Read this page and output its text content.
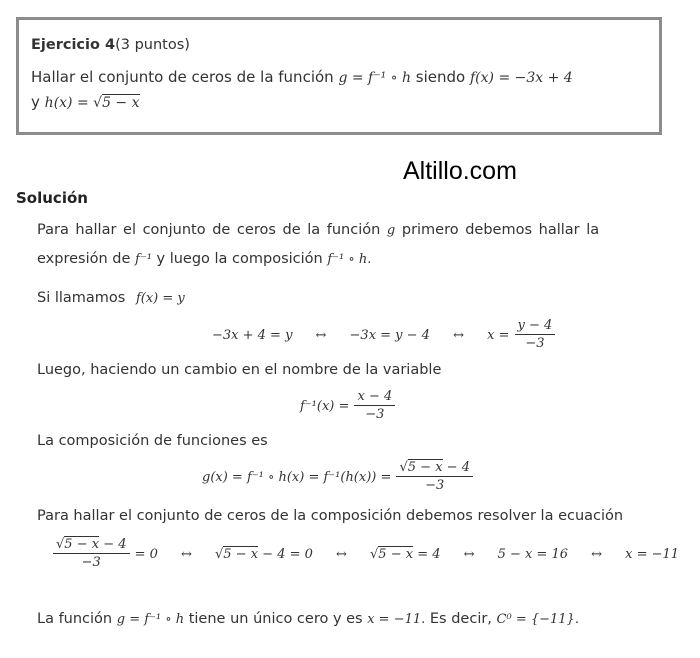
Ejercicio 4(3 puntos)
Hallar el conjunto de ceros de la función g = f⁻¹ ∘ h siendo f(x) = −3x + 4
y h(x) = √5 − x
Altillo.com
Solución
Para hallar el conjunto de ceros de la función g primero debemos hallar la
expresión de f⁻¹ y luego la composición f⁻¹ ∘ h.
Si llamamos f(x) = y
−3x + 4 = y ↔ −3x = y − 4 ↔ $x = \frac{y - 4}{-3}$
Luego, haciendo un cambio en el nombre de la variable
$f^{-1}(x) = \frac{x - 4}{-3}$
La composición de funciones es
g(x) = f⁻¹ ∘ $h(x) = f^{-1}(h(x)) = \frac{√5 - x - 4}{-3}$
Para hallar el conjunto de ceros de la composición debemos resolver la ecuación
$\frac{√5 - x - 4}{-3} = 0$ ↔ √5 − x − 4 = 0 ↔ √5 − x = 4 ↔ 5 − x = 16 ↔ x = −11
La función g = f⁻¹ ∘ h tiene un único cero y es x = −11. Es decir, C⁰ = {−11}.
